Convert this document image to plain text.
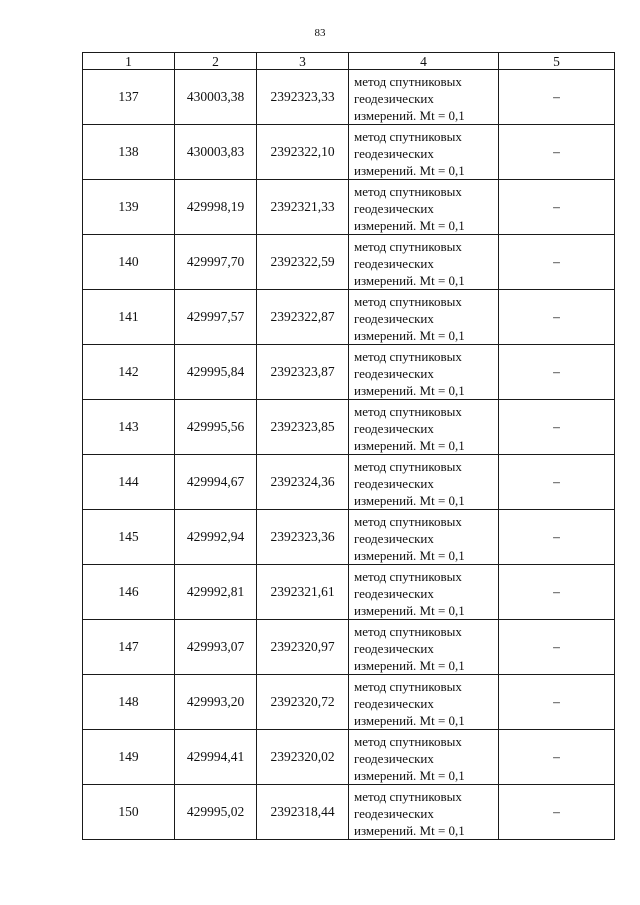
83
1	2	3	4	5
137	430003,38	2392323,33	метод спутниковых
геодезических
измерений. Mt = 0,1	–
138	430003,83	2392322,10	метод спутниковых
геодезических
измерений. Mt = 0,1	–
139	429998,19	2392321,33	метод спутниковых
геодезических
измерений. Mt = 0,1	–
140	429997,70	2392322,59	метод спутниковых
геодезических
измерений. Mt = 0,1	–
141	429997,57	2392322,87	метод спутниковых
геодезических
измерений. Mt = 0,1	–
142	429995,84	2392323,87	метод спутниковых
геодезических
измерений. Mt = 0,1	–
143	429995,56	2392323,85	метод спутниковых
геодезических
измерений. Mt = 0,1	–
144	429994,67	2392324,36	метод спутниковых
геодезических
измерений. Mt = 0,1	–
145	429992,94	2392323,36	метод спутниковых
геодезических
измерений. Mt = 0,1	–
146	429992,81	2392321,61	метод спутниковых
геодезических
измерений. Mt = 0,1	–
147	429993,07	2392320,97	метод спутниковых
геодезических
измерений. Mt = 0,1	–
148	429993,20	2392320,72	метод спутниковых
геодезических
измерений. Mt = 0,1	–
149	429994,41	2392320,02	метод спутниковых
геодезических
измерений. Mt = 0,1	–
150	429995,02	2392318,44	метод спутниковых
геодезических
измерений. Mt = 0,1	–
